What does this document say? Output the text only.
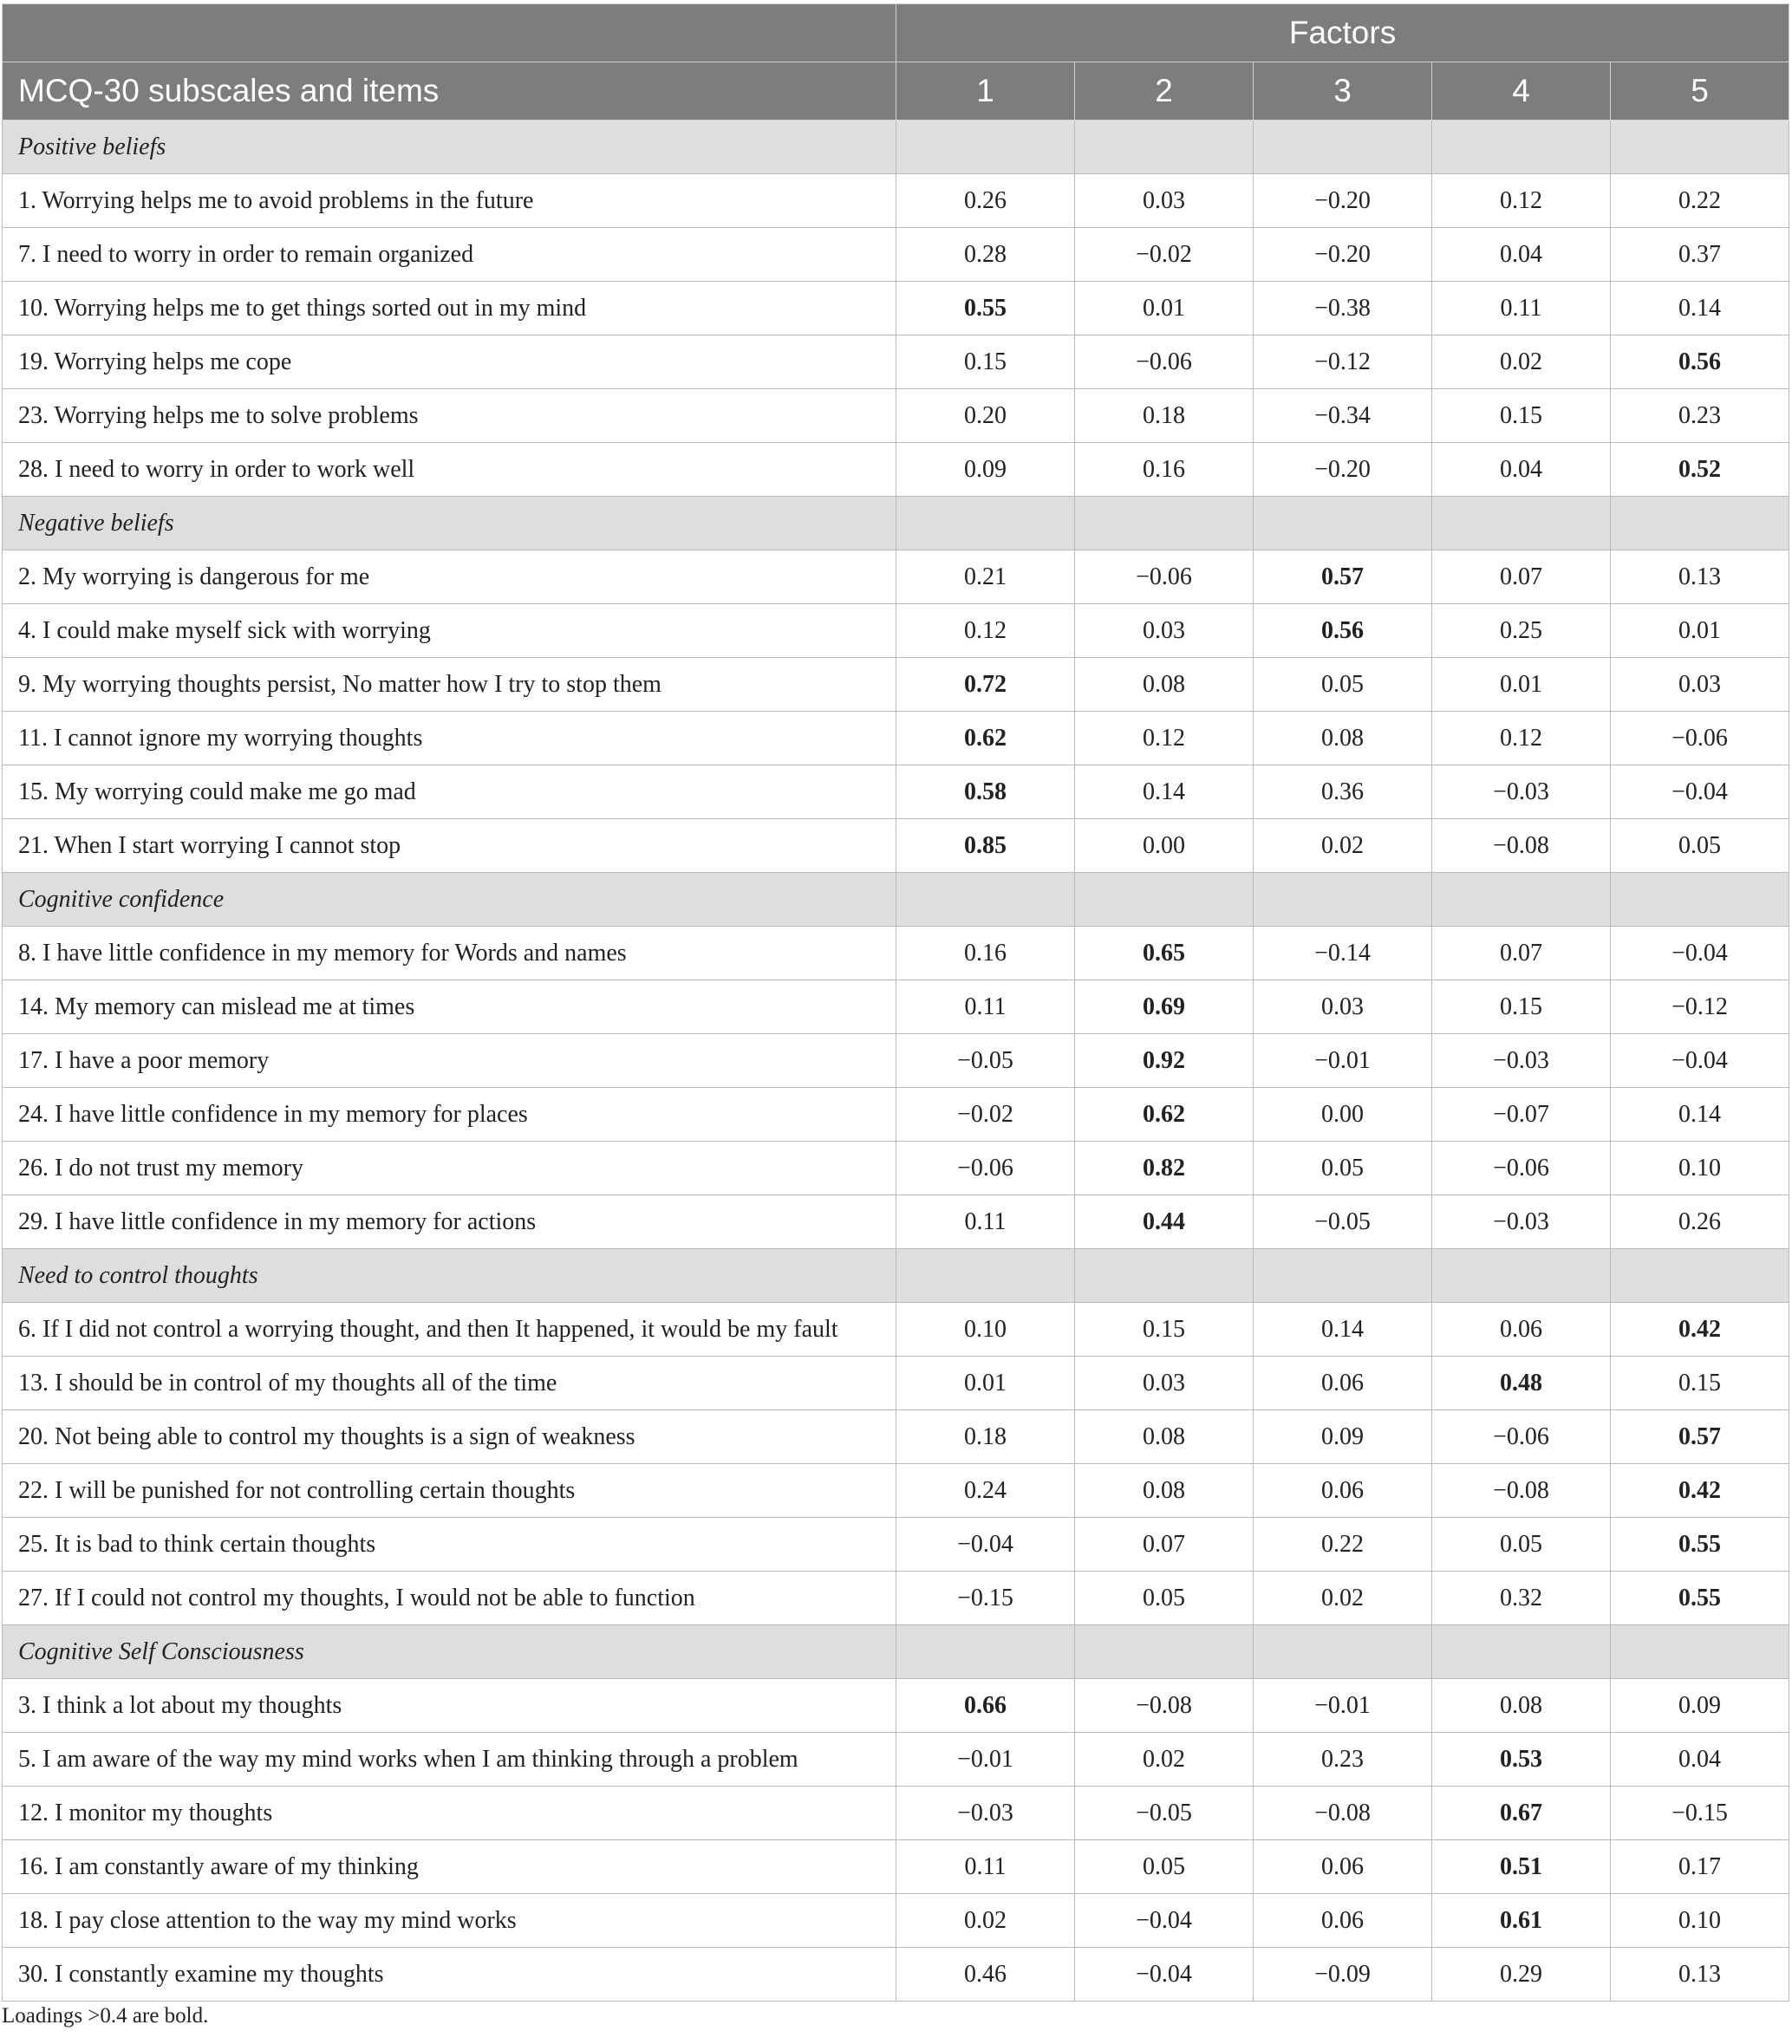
	Factors				
MCQ-30 subscales and items	1	2	3	4	5
Positive beliefs					
1. Worrying helps me to avoid problems in the future	0.26	0.03	−0.20	0.12	0.22
7. I need to worry in order to remain organized	0.28	−0.02	−0.20	0.04	0.37
10. Worrying helps me to get things sorted out in my mind	0.55	0.01	−0.38	0.11	0.14
19. Worrying helps me cope	0.15	−0.06	−0.12	0.02	0.56
23. Worrying helps me to solve problems	0.20	0.18	−0.34	0.15	0.23
28. I need to worry in order to work well	0.09	0.16	−0.20	0.04	0.52
Negative beliefs					
2. My worrying is dangerous for me	0.21	−0.06	0.57	0.07	0.13
4. I could make myself sick with worrying	0.12	0.03	0.56	0.25	0.01
9. My worrying thoughts persist, No matter how I try to stop them	0.72	0.08	0.05	0.01	0.03
11. I cannot ignore my worrying thoughts	0.62	0.12	0.08	0.12	−0.06
15. My worrying could make me go mad	0.58	0.14	0.36	−0.03	−0.04
21. When I start worrying I cannot stop	0.85	0.00	0.02	−0.08	0.05
Cognitive confidence					
8. I have little confidence in my memory for Words and names	0.16	0.65	−0.14	0.07	−0.04
14. My memory can mislead me at times	0.11	0.69	0.03	0.15	−0.12
17. I have a poor memory	−0.05	0.92	−0.01	−0.03	−0.04
24. I have little confidence in my memory for places	−0.02	0.62	0.00	−0.07	0.14
26. I do not trust my memory	−0.06	0.82	0.05	−0.06	0.10
29. I have little confidence in my memory for actions	0.11	0.44	−0.05	−0.03	0.26
Need to control thoughts					
6. If I did not control a worrying thought, and then It happened, it would be my fault	0.10	0.15	0.14	0.06	0.42
13. I should be in control of my thoughts all of the time	0.01	0.03	0.06	0.48	0.15
20. Not being able to control my thoughts is a sign of weakness	0.18	0.08	0.09	−0.06	0.57
22. I will be punished for not controlling certain thoughts	0.24	0.08	0.06	−0.08	0.42
25. It is bad to think certain thoughts	−0.04	0.07	0.22	0.05	0.55
27. If I could not control my thoughts, I would not be able to function	−0.15	0.05	0.02	0.32	0.55
Cognitive Self Consciousness					
3. I think a lot about my thoughts	0.66	−0.08	−0.01	0.08	0.09
5. I am aware of the way my mind works when I am thinking through a problem	−0.01	0.02	0.23	0.53	0.04
12. I monitor my thoughts	−0.03	−0.05	−0.08	0.67	−0.15
16. I am constantly aware of my thinking	0.11	0.05	0.06	0.51	0.17
18. I pay close attention to the way my mind works	0.02	−0.04	0.06	0.61	0.10
30. I constantly examine my thoughts	0.46	−0.04	−0.09	0.29	0.13
Loadings >0.4 are bold.
